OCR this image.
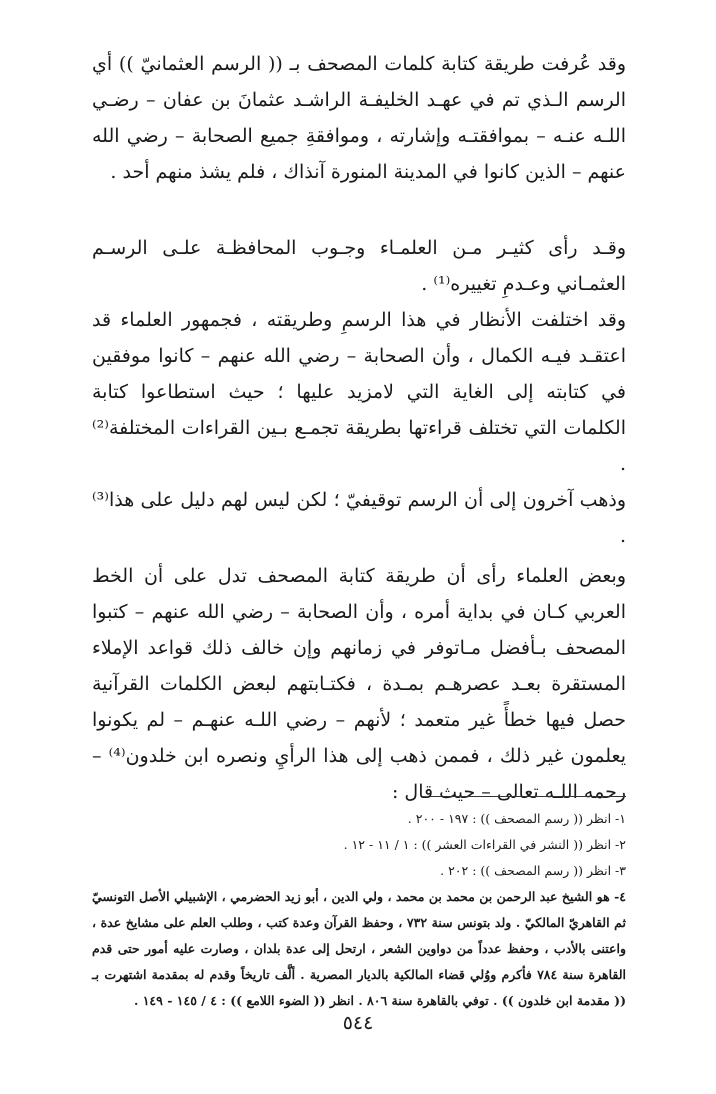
وقد عُرفت طريقة كتابة كلمات المصحف بـ (( الرسم العثمانيّ )) أي الرسم الـذي تم في عهـد الخليفـة الراشـد عثمانَ بن عفان – رضـي اللـه عنـه – بموافقتـه وإشارته ، وموافقةِ جميع الصحابة – رضي الله عنهم – الذين كانوا في المدينة المنورة آنذاك ، فلم يشذ منهم أحد .

وقـد رأى كثيـر مـن العلمـاء وجـوب المحافظـة علـى الرسـم العثمـاني وعـدمِ تغييره⁽¹⁾ .

وقد اختلفت الأنظار في هذا الرسمِ وطريقته ، فجمهور العلماء قد اعتقـد فيـه الكمال ، وأن الصحابة – رضي الله عنهم – كانوا موفقين في كتابته إلى الغاية التي لامزيد عليها ؛ حيث استطاعوا كتابة الكلمات التي تختلف قراءتها بطريقة تجمـع بـين القراءات المختلفة⁽²⁾ .

وذهب آخرون إلى أن الرسم توقيفيّ ؛ لكن ليس لهم دليل على هذا⁽³⁾ .

وبعض العلماء رأى أن طريقة كتابة المصحف تدل على أن الخط العربي كـان في بداية أمره ، وأن الصحابة – رضي الله عنهم – كتبوا المصحف بـأفضل مـاتوفر في زمانهم وإن خالف ذلك قواعد الإملاء المستقرة بعـد عصرهـم بمـدة ، فكتـابتهم لبعض الكلمات القرآنية حصل فيها خطأً غير متعمد ؛ لأنهم – رضي اللـه عنهـم – لم يكونوا يعلمون غير ذلك ، فممن ذهب إلى هذا الرأيِ ونصره ابن خلدون⁽⁴⁾ – رحمه اللـه تعالى – حيث قال :

١- انظر (( رسم المصحف )) : ١٩٧ - ٢٠٠ .

٢- انظر (( النشر في القراءات العشر )) : ١ / ١١ - ١٢ .

٣- انظر (( رسم المصحف )) : ٢٠٢ .

٤- هو الشيخ عبد الرحمن بن محمد بن محمد ، ولي الدين ، أبو زيد الحضرمي ، الإشبيلي الأصل التونسيّ ثم القاهريّ المالكيّ . ولد بتونس سنة ٧٣٢ ، وحفظ القرآن وعدة كتب ، وطلب العلم على مشايخ عدة ، واعتنى بالأدب ، وحفظ عدداً من دواوين الشعر ، ارتحل إلى عدة بلدان ، وصارت عليه أمور حتى قدم القاهرة سنة ٧٨٤ فأكرم ووُلي قضاء المالكية بالديار المصرية . ألَّف تاريخاً وقدم له بمقدمة اشتهرت بـ (( مقدمة ابن خلدون )) . توفي بالقاهرة سنة ٨٠٦ . انظر (( الضوء اللامع )) : ٤ / ١٤٥ - ١٤٩ .

٥٤٤
